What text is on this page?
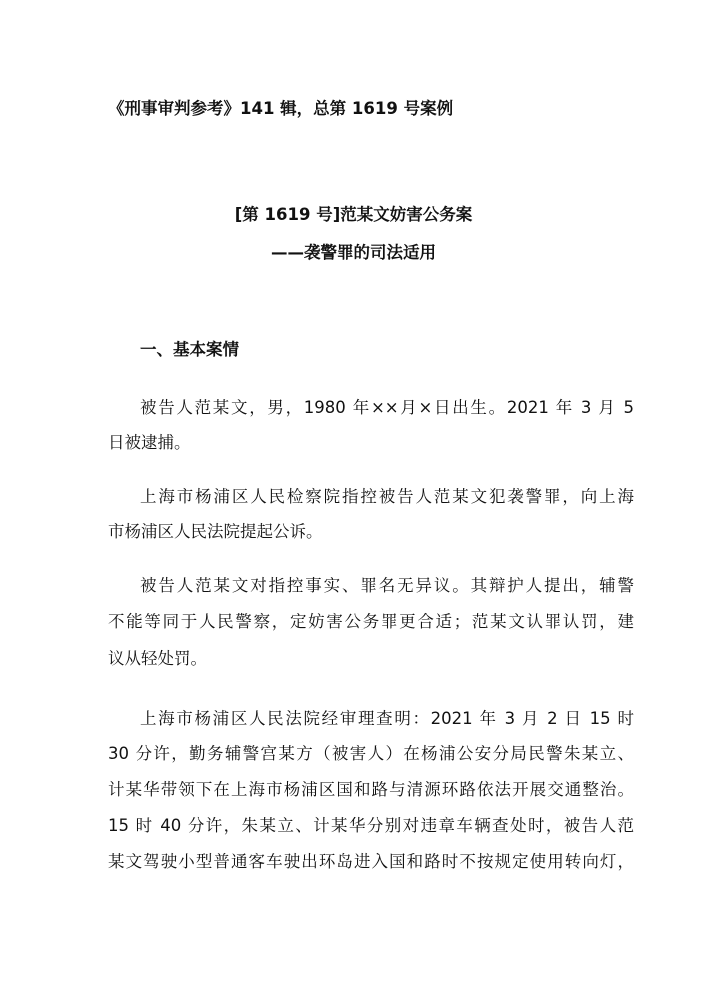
《刑事审判参考》141 辑，总第 1619 号案例
[第 1619 号]范某文妨害公务案
——袭警罪的司法适用
一、基本案情
被告人范某文，男，1980 年××月×日出生。2021 年 3 月 5
日被逮捕。
上海市杨浦区人民检察院指控被告人范某文犯袭警罪，向上海
市杨浦区人民法院提起公诉。
被告人范某文对指控事实、罪名无异议。其辩护人提出，辅警
不能等同于人民警察，定妨害公务罪更合适；范某文认罪认罚，建
议从轻处罚。
上海市杨浦区人民法院经审理查明：2021 年 3 月 2 日 15 时
30 分许，勤务辅警宫某方（被害人）在杨浦公安分局民警朱某立、
计某华带领下在上海市杨浦区国和路与清源环路依法开展交通整治。
15 时 40 分许，朱某立、计某华分别对违章车辆查处时，被告人范
某文驾驶小型普通客车驶出环岛进入国和路时不按规定使用转向灯，
